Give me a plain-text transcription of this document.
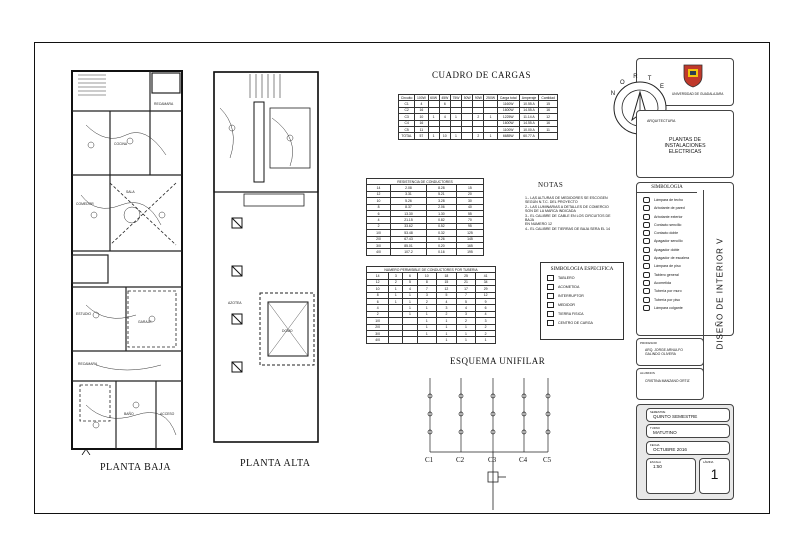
RECAMARA
COCINA
COMEDOR
SALA
ESTUDIO
GARAJE
RECAMARA
BAÑO	ACCESO
PLANTA BAJA
AZOTEA
DOMO
PLANTA ALTA
CUADRO DE CARGAS
Circuito	100W	60W	45W	75W	50W	90W	250W	Carga total	Amperaje	Cantidad
C1	4		6					1160W	10.55 A	15
C2	16							1600W	14.55 A	16
C3	10	1	4	1		2	1	1225W	11.14 A	12
C4	16							1600W	14.55 A	16
C5	11							1100W	10.00 A	11
TOTAL	57	1	10	1		2	1	6685W	60.77 A	
RESISTENCIA DE CONDUCTORES			
14	2.08	8.28	15
12	3.31	5.21	20
10	5.26	3.28	30
8	8.37	2.06	40
6	13.30	1.30	55
4	21.15	0.82	70
2	33.62	0.52	95
1/0	53.48	0.32	125
2/0	67.43	0.26	145
3/0	85.01	0.20	165
4/0	107.2	0.16	195
NUMERO PERMISIBLE DE CONDUCTORES POR TUBERIA						
14	3	6	10	18	25	41
12	2	5	8	15	21	34
10	1	4	7	12	17	29
8	1	1	3	5	7	12
6	1	1	2	4	5	9
4		1	1	3	4	6
2		1	1	2	3	4
1/0			1	1	2	3
2/0			1	1	1	2
3/0			1	1	1	2
4/0				1	1	1
NOTAS
1.- LAS ALTURAS DE MEDIDORES SE ESCOGEN
SEGÚN N.T.C. DEL PROYECTO
2.- LAS LUMINARIAS A DETALLES DE COMERCIO
SON DE LA MARCA INDICADA
3.- EL CALIBRE DE CABLE EN LOS CIRCUITOS DE BAJA
EN NUMERO 12
4.- EL CALIBRE DE TIERRAS DE BAJA SERA EL 14
SIMBOLOGIA ESPECIFICA
TABLERO
ACOMETIDA
INTERRUPTOR
MEDIDOR
TIERRA FISICA
CENTRO DE CARGA
ESQUEMA UNIFILAR
C1	C2	C3	C4 C5
N
O
R T
E
UNIVERSIDAD DE GUADALAJARA
ARQUITECTURA
PLANTAS DE
INSTALACIONES
ELECTRICAS
SIMBOLOGIA
Lámpara de techo
Arbotante de pared
Arbotante exterior
Contacto sencillo
Contacto doble
Apagador sencillo
Apagador doble
Apagador de escalera
Lámpara de piso
Tablero general
Acometida
Tubería por muro
Tubería por piso
Lámpara colgante	DISEÑO DE INTERIOR V
PROFESOR
ARQ. JORGE ARNULFO GALINDO OLIVERA
ALUMNOS
CRISTINA MANZANO ORTIZ
SEMESTRE
QUINTO SEMESTRE
TURNO
MATUTINO
FECHA
OCTUBRE 2016
ESCALA
1:50
LÁMINA
1
